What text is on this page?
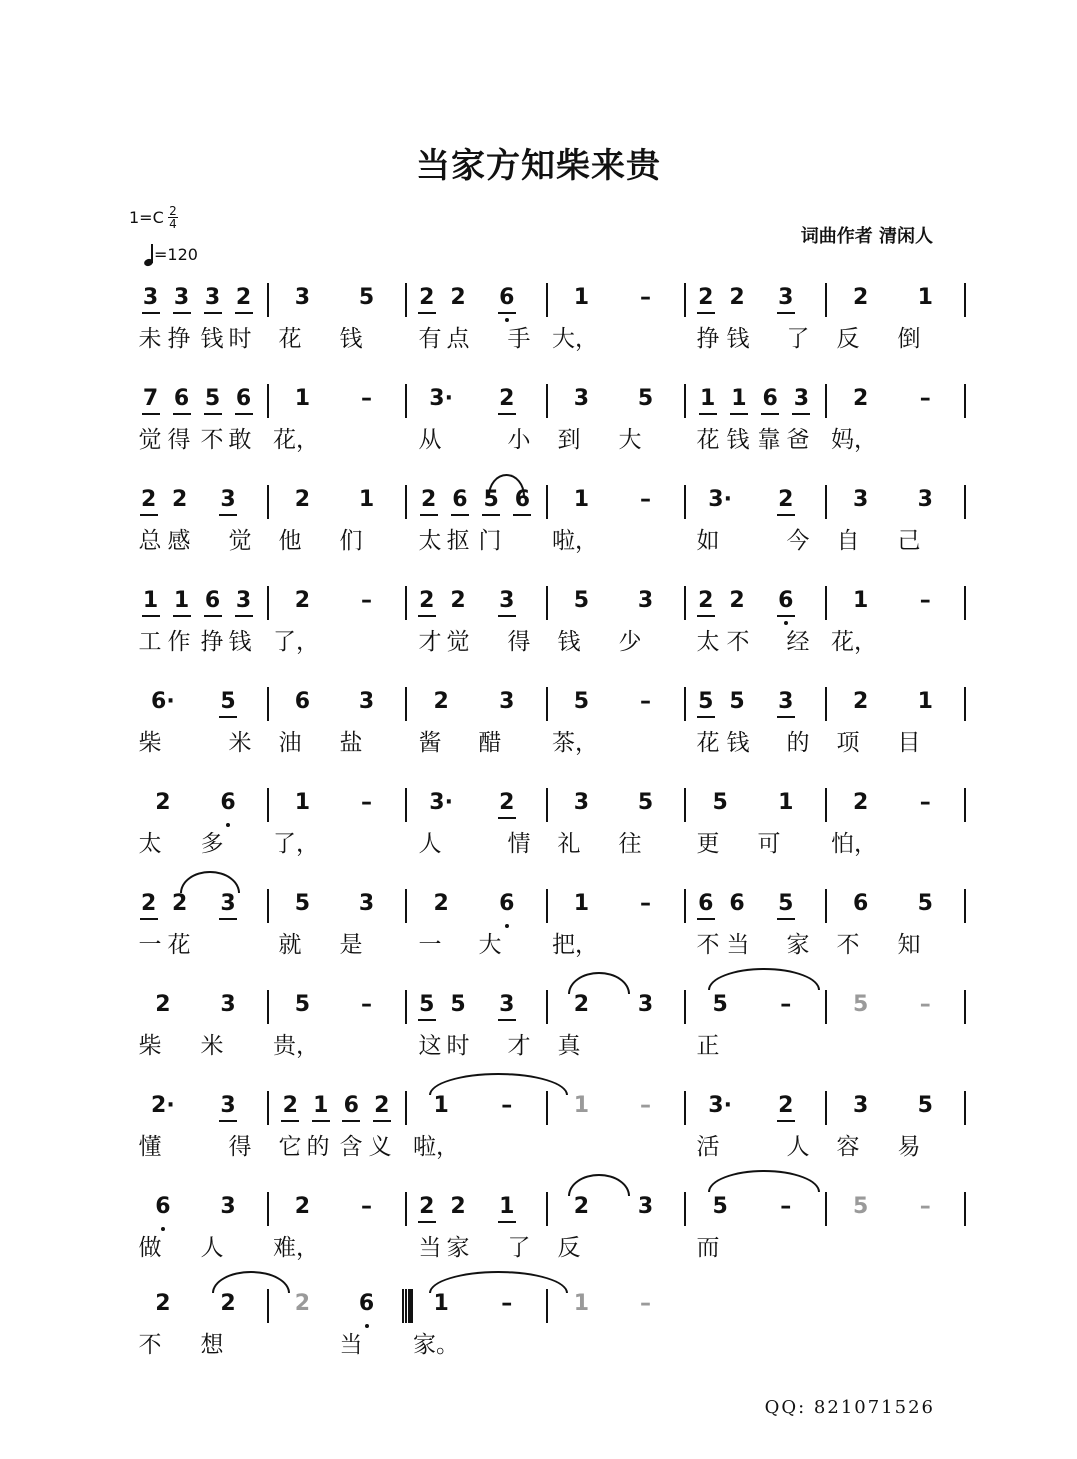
当家方知柴来贵
1=C 2
4
=120
词曲作者 清闲人
3 3 3 2 3 5 2 2 6	1	–	2 2 3	2 1
未 挣 钱 时 花 钱 有 点 手 大，	挣 钱 了 反 倒
7 6 5 6 1	–	3· 2	3 5 1 1 6 3 2	–
觉 得 不 敢 花，	从	小 到 大 花 钱 靠 爸 妈，
2 2 3	2 1 2 6 5 6 1	–	3· 2	3 3
总 感 觉 他 们 太 抠 门 啦，	如	今 自 己
1 1 6 3 2	–	2 2 3	5 3 2 2 6	1	–
工 作 挣 钱 了，	才 觉 得 钱 少 太 不 经 花，
6· 5	6 3	2 3	5	–	5 5 3	2 1
柴	米 油 盐 酱 醋 茶，	花 钱 的 项 目
2 6	1	–	3· 2	3 5	5 1	2	–
太 多 了，	人	情 礼 往 更 可 怕，
2 2 3	5 3	2 6	1	–	6 6 5	6 5
一 花	就 是 一 大 把，	不 当 家 不 知
2 3	5	–	5 5 3	2 3	5	–	5	–
柴 米 贵，	这 时 才 真	正
2· 3 2 1 6 2 1	–	1	–	3· 2	3 5
懂	得 它 的 含 义 啦，	活	人 容 易
6 3	2	–	2 2 1	2 3	5	–	5	–
做 人 难，	当 家 了 反	而
2 2	2 6	1	–	1	–
不 想	当 家。
QQ: 821071526
